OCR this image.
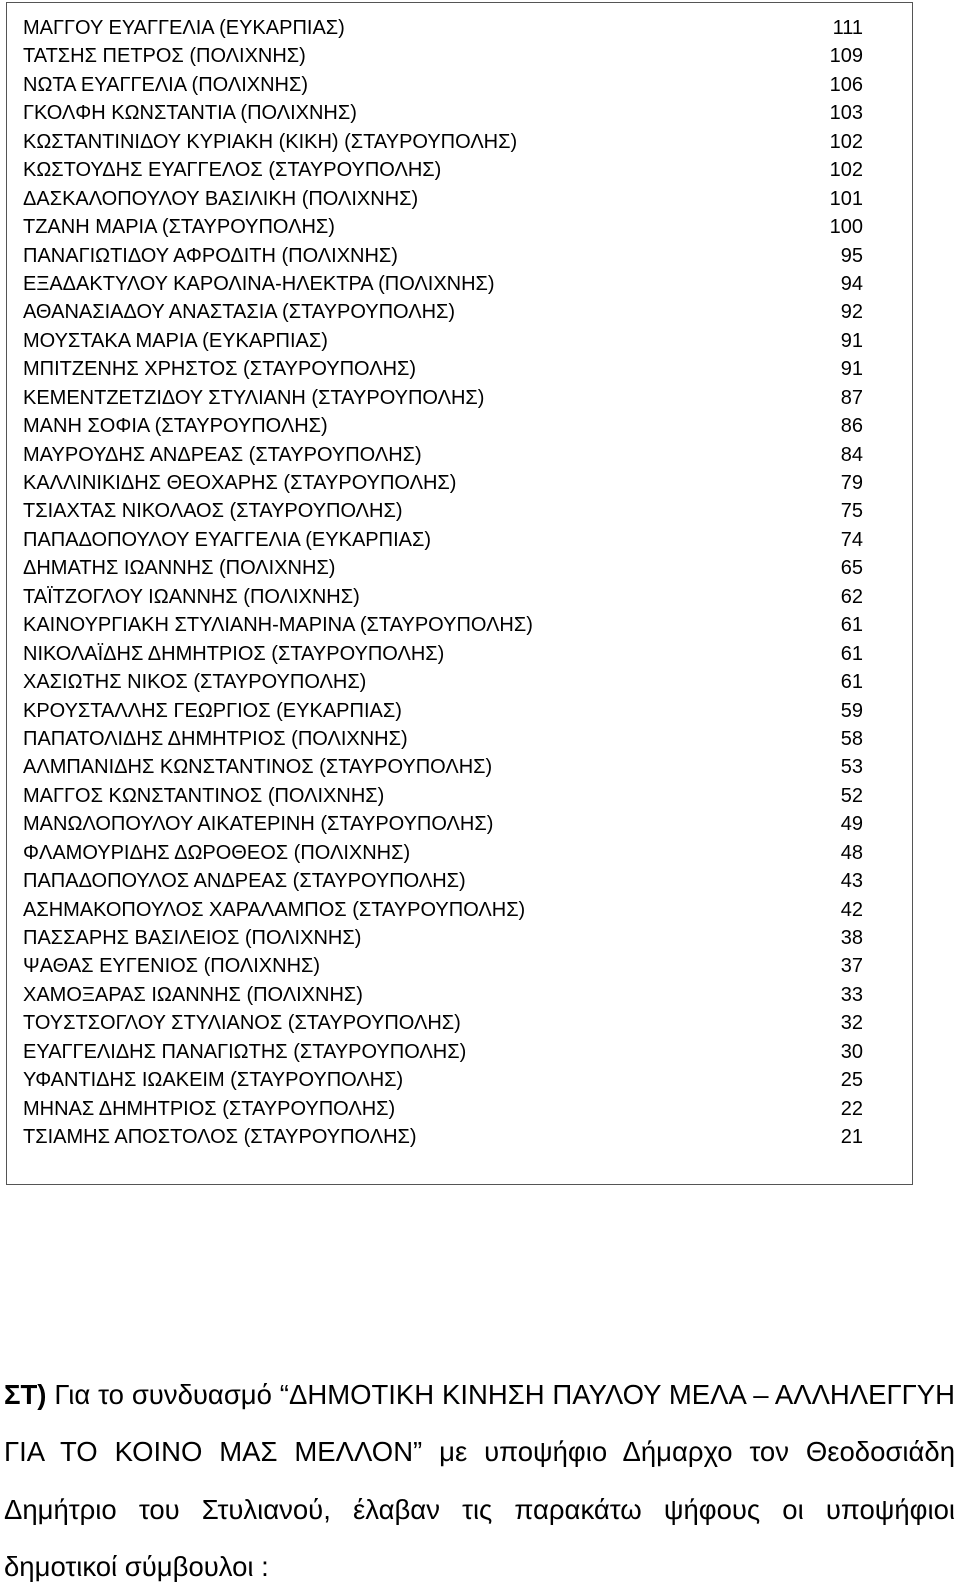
ΜΑΓΓΟΥ ΕΥΑΓΓΕΛΙΑ (ΕΥΚΑΡΠΙΑΣ)	111
ΤΑΤΣΗΣ ΠΕΤΡΟΣ (ΠΟΛΙΧΝΗΣ)	109
ΝΩΤΑ ΕΥΑΓΓΕΛΙΑ (ΠΟΛΙΧΝΗΣ)	106
ΓΚΟΛΦΗ ΚΩΝΣΤΑΝΤΙΑ (ΠΟΛΙΧΝΗΣ)	103
ΚΩΣΤΑΝΤΙΝΙΔΟΥ ΚΥΡΙΑΚΗ (ΚΙΚΗ) (ΣΤΑΥΡΟΥΠΟΛΗΣ)	102
ΚΩΣΤΟΥΔΗΣ ΕΥΑΓΓΕΛΟΣ (ΣΤΑΥΡΟΥΠΟΛΗΣ)	102
ΔΑΣΚΑΛΟΠΟΥΛΟΥ ΒΑΣΙΛΙΚΗ (ΠΟΛΙΧΝΗΣ)	101
ΤΖΑΝΗ ΜΑΡΙΑ (ΣΤΑΥΡΟΥΠΟΛΗΣ)	100
ΠΑΝΑΓΙΩΤΙΔΟΥ ΑΦΡΟΔΙΤΗ (ΠΟΛΙΧΝΗΣ)	95
ΕΞΑΔΑΚΤΥΛΟΥ ΚΑΡΟΛΙΝΑ-ΗΛΕΚΤΡΑ (ΠΟΛΙΧΝΗΣ)	94
ΑΘΑΝΑΣΙΑΔΟΥ ΑΝΑΣΤΑΣΙΑ (ΣΤΑΥΡΟΥΠΟΛΗΣ)	92
ΜΟΥΣΤΑΚΑ ΜΑΡΙΑ (ΕΥΚΑΡΠΙΑΣ)	91
ΜΠΙΤΖΕΝΗΣ ΧΡΗΣΤΟΣ (ΣΤΑΥΡΟΥΠΟΛΗΣ)	91
ΚΕΜΕΝΤΖΕΤΖΙΔΟΥ ΣΤΥΛΙΑΝΗ (ΣΤΑΥΡΟΥΠΟΛΗΣ)	87
ΜΑΝΗ ΣΟΦΙΑ (ΣΤΑΥΡΟΥΠΟΛΗΣ)	86
ΜΑΥΡΟΥΔΗΣ ΑΝΔΡΕΑΣ (ΣΤΑΥΡΟΥΠΟΛΗΣ)	84
ΚΑΛΛΙΝΙΚΙΔΗΣ ΘΕΟΧΑΡΗΣ (ΣΤΑΥΡΟΥΠΟΛΗΣ)	79
ΤΣΙΑΧΤΑΣ ΝΙΚΟΛΑΟΣ (ΣΤΑΥΡΟΥΠΟΛΗΣ)	75
ΠΑΠΑΔΟΠΟΥΛΟΥ ΕΥΑΓΓΕΛΙΑ (ΕΥΚΑΡΠΙΑΣ)	74
ΔΗΜΑΤΗΣ ΙΩΑΝΝΗΣ (ΠΟΛΙΧΝΗΣ)	65
ΤΑΪΤΖΟΓΛΟΥ ΙΩΑΝΝΗΣ (ΠΟΛΙΧΝΗΣ)	62
ΚΑΙΝΟΥΡΓΙΑΚΗ ΣΤΥΛΙΑΝΗ-ΜΑΡΙΝΑ (ΣΤΑΥΡΟΥΠΟΛΗΣ)	61
ΝΙΚΟΛΑΪΔΗΣ ΔΗΜΗΤΡΙΟΣ (ΣΤΑΥΡΟΥΠΟΛΗΣ)	61
ΧΑΣΙΩΤΗΣ ΝΙΚΟΣ (ΣΤΑΥΡΟΥΠΟΛΗΣ)	61
ΚΡΟΥΣΤΑΛΛΗΣ ΓΕΩΡΓΙΟΣ (ΕΥΚΑΡΠΙΑΣ)	59
ΠΑΠΑΤΟΛΙΔΗΣ ΔΗΜΗΤΡΙΟΣ (ΠΟΛΙΧΝΗΣ)	58
ΑΛΜΠΑΝΙΔΗΣ ΚΩΝΣΤΑΝΤΙΝΟΣ (ΣΤΑΥΡΟΥΠΟΛΗΣ)	53
ΜΑΓΓΟΣ ΚΩΝΣΤΑΝΤΙΝΟΣ (ΠΟΛΙΧΝΗΣ)	52
ΜΑΝΩΛΟΠΟΥΛΟΥ ΑΙΚΑΤΕΡΙΝΗ (ΣΤΑΥΡΟΥΠΟΛΗΣ)	49
ΦΛΑΜΟΥΡΙΔΗΣ ΔΩΡΟΘΕΟΣ (ΠΟΛΙΧΝΗΣ)	48
ΠΑΠΑΔΟΠΟΥΛΟΣ ΑΝΔΡΕΑΣ (ΣΤΑΥΡΟΥΠΟΛΗΣ)	43
ΑΣΗΜΑΚΟΠΟΥΛΟΣ ΧΑΡΑΛΑΜΠΟΣ (ΣΤΑΥΡΟΥΠΟΛΗΣ)	42
ΠΑΣΣΑΡΗΣ ΒΑΣΙΛΕΙΟΣ (ΠΟΛΙΧΝΗΣ)	38
ΨΑΘΑΣ ΕΥΓΕΝΙΟΣ (ΠΟΛΙΧΝΗΣ)	37
ΧΑΜΟΞΑΡΑΣ ΙΩΑΝΝΗΣ (ΠΟΛΙΧΝΗΣ)	33
ΤΟΥΣΤΣΟΓΛΟΥ ΣΤΥΛΙΑΝΟΣ (ΣΤΑΥΡΟΥΠΟΛΗΣ)	32
ΕΥΑΓΓΕΛΙΔΗΣ ΠΑΝΑΓΙΩΤΗΣ (ΣΤΑΥΡΟΥΠΟΛΗΣ)	30
ΥΦΑΝΤΙΔΗΣ ΙΩΑΚΕΙΜ (ΣΤΑΥΡΟΥΠΟΛΗΣ)	25
ΜΗΝΑΣ ΔΗΜΗΤΡΙΟΣ (ΣΤΑΥΡΟΥΠΟΛΗΣ)	22
ΤΣΙΑΜΗΣ ΑΠΟΣΤΟΛΟΣ (ΣΤΑΥΡΟΥΠΟΛΗΣ)	21

ΣΤ) Για το συνδυασμό “ΔΗΜΟΤΙΚΗ ΚΙΝΗΣΗ ΠΑΥΛΟΥ ΜΕΛΑ – ΑΛΛΗΛΕΓΓΥΗ ΓΙΑ ΤΟ ΚΟΙΝΟ ΜΑΣ ΜΕΛΛΟΝ” με υποψήφιο Δήμαρχο τον Θεοδοσιάδη Δημήτριο του Στυλιανού, έλαβαν τις παρακάτω ψήφους οι υποψήφιοι δημοτικοί σύμβουλοι :
